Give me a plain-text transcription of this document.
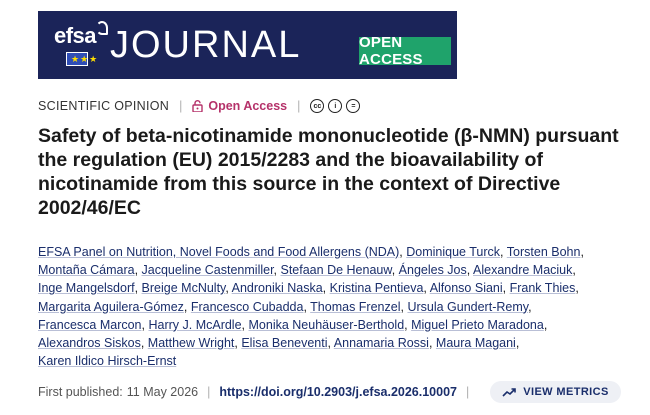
efsa
★★★ JOURNAL	OPEN ACCESS
SCIENTIFIC OPINION | Open Access |	cc	i	=
Safety of beta-nicotinamide mononucleotide (β-NMN) pursuant the regulation (EU) 2015/2283 and the bioavailability of nicotinamide from this source in the context of Directive 2002/46/EC
EFSA Panel on Nutrition, Novel Foods and Food Allergens (NDA), Dominique Turck, Torsten Bohn,
Montaña Cámara, Jacqueline Castenmiller, Stefaan De Henauw, Ángeles Jos, Alexandre Maciuk,
Inge Mangelsdorf, Breige McNulty, Androniki Naska, Kristina Pentieva, Alfonso Siani, Frank Thies,
Margarita Aguilera-Gómez, Francesco Cubadda, Thomas Frenzel, Ursula Gundert-Remy,
Francesca Marcon, Harry J. McArdle, Monika Neuhäuser-Berthold, Miguel Prieto Maradona,
Alexandros Siskos, Matthew Wright, Elisa Beneventi, Annamaria Rossi, Maura Magani,
Karen Ildico Hirsch-Ernst
First published: 11 May 2026 | https://doi.org/10.2903/j.efsa.2026.10007 |	VIEW METRICS
